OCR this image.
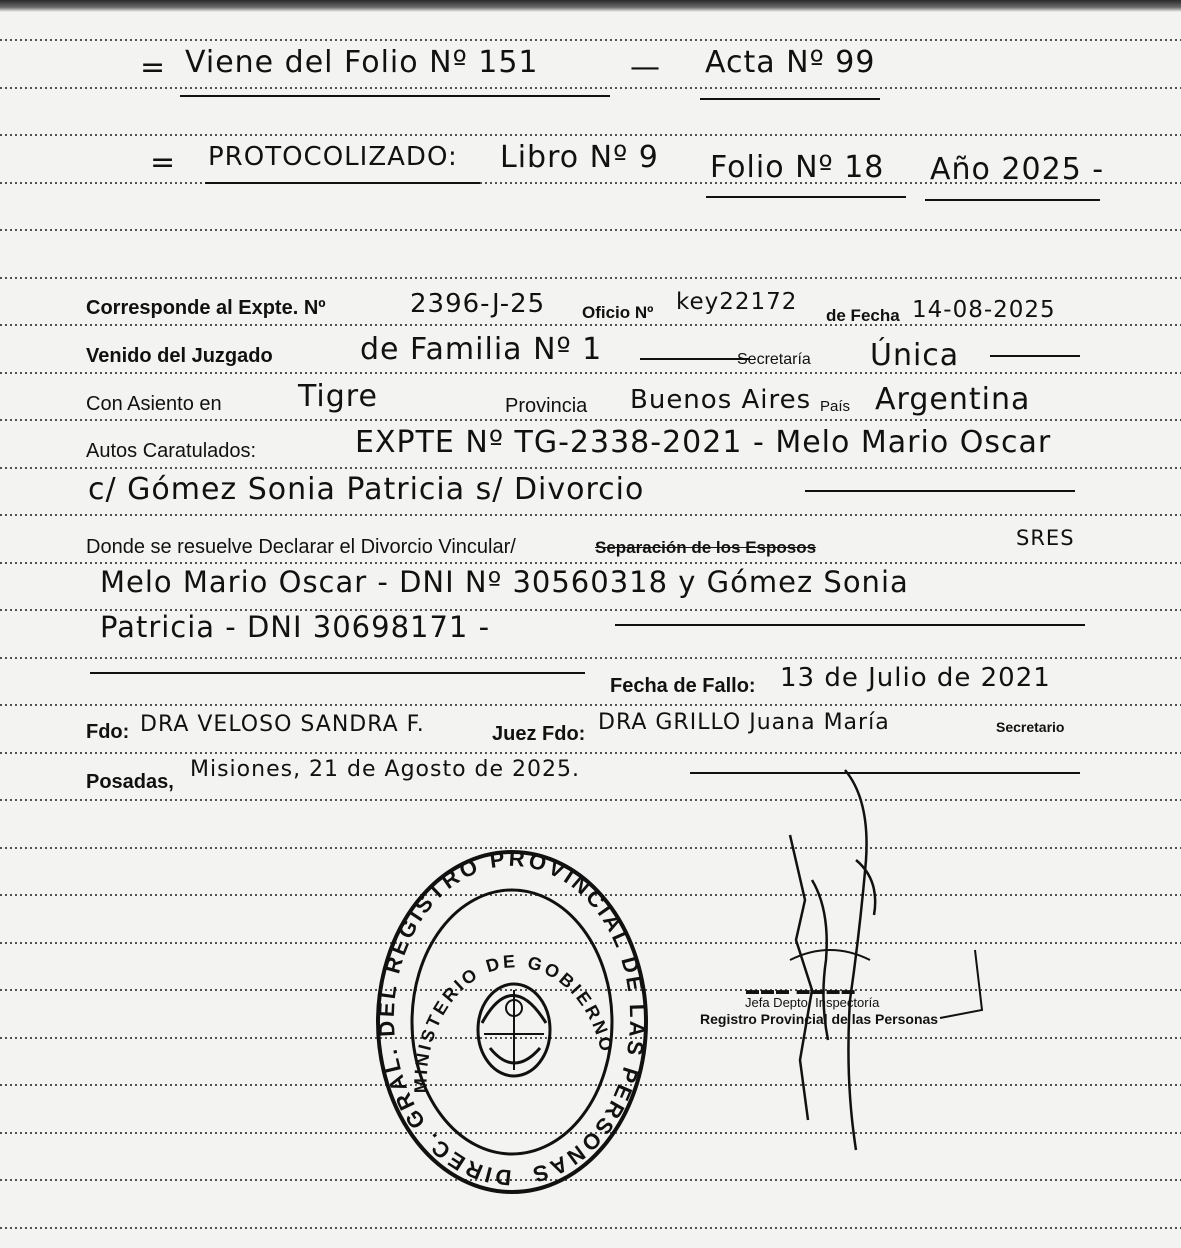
= Viene del Folio Nº 151	— Acta Nº 99
= PROTOCOLIZADO: Libro Nº 9 Folio Nº 18 Año 2025 -
Corresponde al Expte. Nº	2396-J-25 Oficio Nº key22172
de Fecha 14-08-2025
Venido del Juzgado	de Familia Nº 1	Secretaría Única
Con Asiento en	Tigre	Provincia Buenos Aires País Argentina
Autos Caratulados:	EXPTE Nº TG-2338-2021 - Melo Mario Oscar
c/ Gómez Sonia Patricia s/ Divorcio
Donde se resuelve Declarar el Divorcio Vincular/	Separación de los Esposos	SRES
Melo Mario Oscar - DNI Nº 30560318 y Gómez Sonia
Patricia - DNI 30698171 -
Fecha de Fallo: 13 de Julio de 2021
Fdo: DRA VELOSO SANDRA F.	Juez Fdo: DRA GRILLO Juana María	Secretario
Posadas, Misiones, 21 de Agosto de 2025.
DIREC. GRAL. DEL REGISTRO PROVINCIAL DE LAS PERSONAS
MINISTERIO DE GOBIERNO
▬▬▬ ▬▬▬▬
Jefa Depto. Inspectoría
Registro Provincial de las Personas
